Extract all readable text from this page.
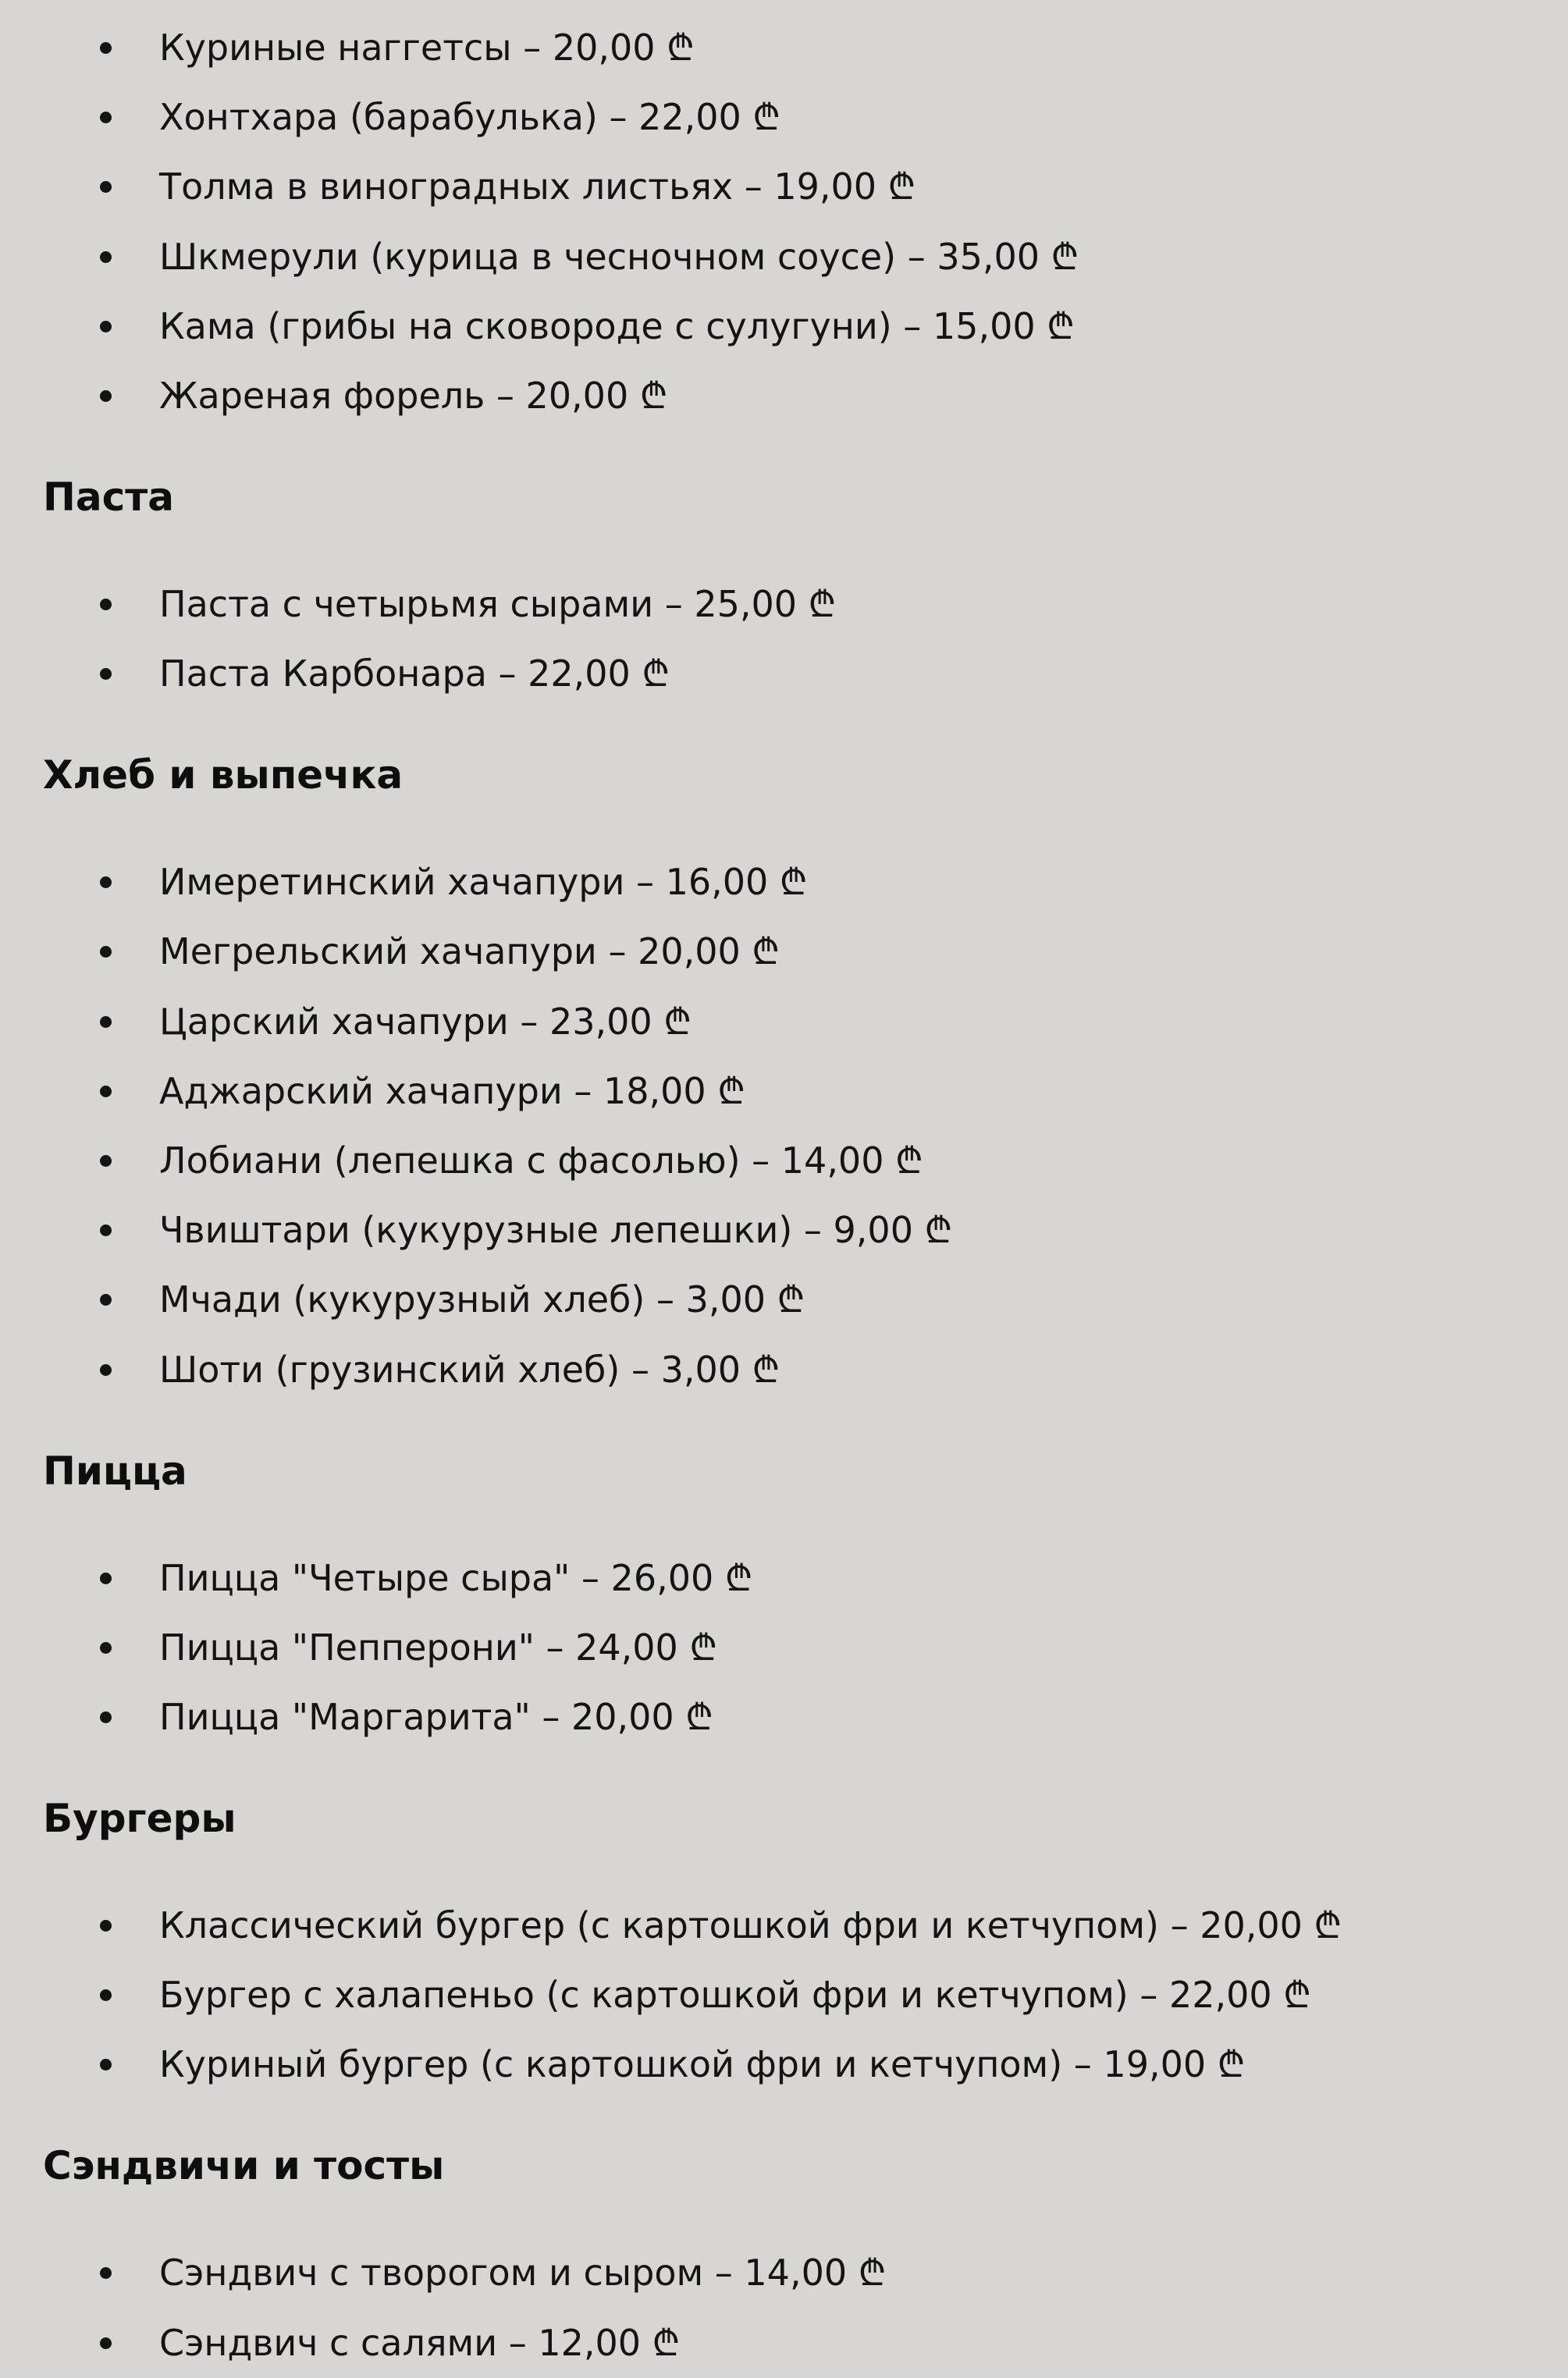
Куриные наггетсы – 20,00 ₾
Хонтхара (барабулька) – 22,00 ₾
Толма в виноградных листьях – 19,00 ₾
Шкмерули (курица в чесночном соусе) – 35,00 ₾
Кама (грибы на сковороде с сулугуни) – 15,00 ₾
Жареная форель – 20,00 ₾
Паста
Паста с четырьмя сырами – 25,00 ₾
Паста Карбонара – 22,00 ₾
Хлеб и выпечка
Имеретинский хачапури – 16,00 ₾
Мегрельский хачапури – 20,00 ₾
Царский хачапури – 23,00 ₾
Аджарский хачапури – 18,00 ₾
Лобиани (лепешка с фасолью) – 14,00 ₾
Чвиштари (кукурузные лепешки) – 9,00 ₾
Мчади (кукурузный хлеб) – 3,00 ₾
Шоти (грузинский хлеб) – 3,00 ₾
Пицца
Пицца "Четыре сыра" – 26,00 ₾
Пицца "Пепперони" – 24,00 ₾
Пицца "Маргарита" – 20,00 ₾
Бургеры
Классический бургер (с картошкой фри и кетчупом) – 20,00 ₾
Бургер с халапеньо (с картошкой фри и кетчупом) – 22,00 ₾
Куриный бургер (с картошкой фри и кетчупом) – 19,00 ₾
Сэндвичи и тосты
Сэндвич с творогом и сыром – 14,00 ₾
Сэндвич с салями – 12,00 ₾
